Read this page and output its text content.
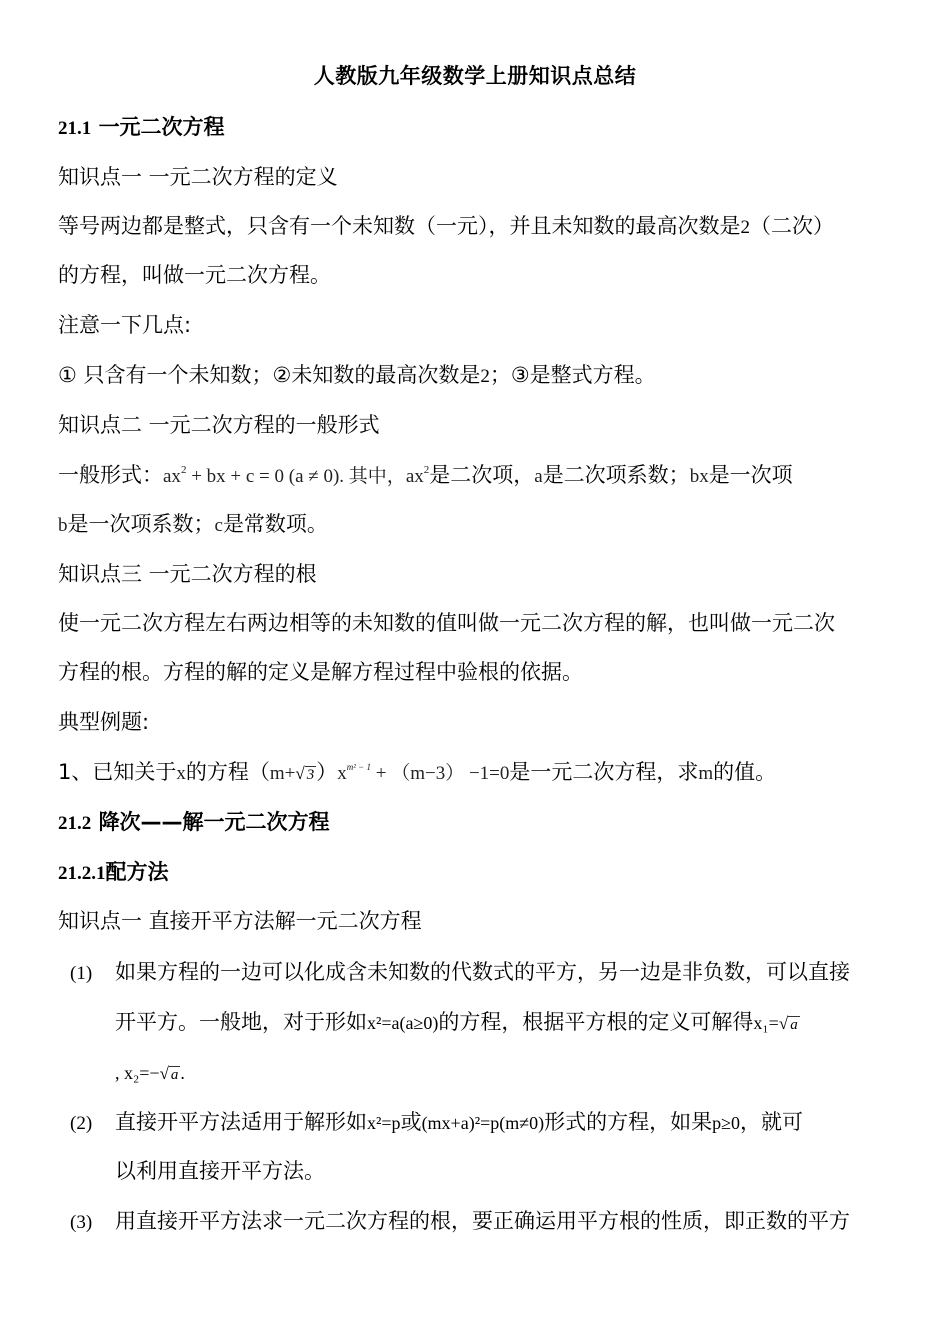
人教版九年级数学上册知识点总结
21.1 一元二次方程
知识点一 一元二次方程的定义
等号两边都是整式，只含有一个未知数（一元），并且未知数的最高次数是2（二次）
的方程，叫做一元二次方程。
注意一下几点:
① 只含有一个未知数；②未知数的最高次数是2；③是整式方程。
知识点二 一元二次方程的一般形式
一般形式：$ax^2$ + bx + c = 0 (a ≠ 0). 其中，$ax^2$是二次项，a是二次项系数；bx是一次项
b是一次项系数；c是常数项。
知识点三 一元二次方程的根
使一元二次方程左右两边相等的未知数的值叫做一元二次方程的解，也叫做一元二次
方程的根。方程的解的定义是解方程过程中验根的依据。
典型例题:
1、已知关于x的方程（m+√ $3)x^{m^2 - 1} + (m-3) -1=0$是一元二次方程，求m的值。
21.2 降次——解一元二次方程
21.2.1配方法
知识点一 直接开平方法解一元二次方程
(1) 如果方程的一边可以化成含未知数的代数式的平方，另一边是非负数，可以直接
开平方。一般地，对于形如x²=a(a≥0)的方程，根据平方根的定义可解得x₁=√ a
, x₂=−√ a .
(2) 直接开平方法适用于解形如x²=p或(mx+a)²=p(m≠0)形式的方程，如果p≥0，就可
以利用直接开平方法。
(3) 用直接开平方法求一元二次方程的根，要正确运用平方根的性质，即正数的平方
